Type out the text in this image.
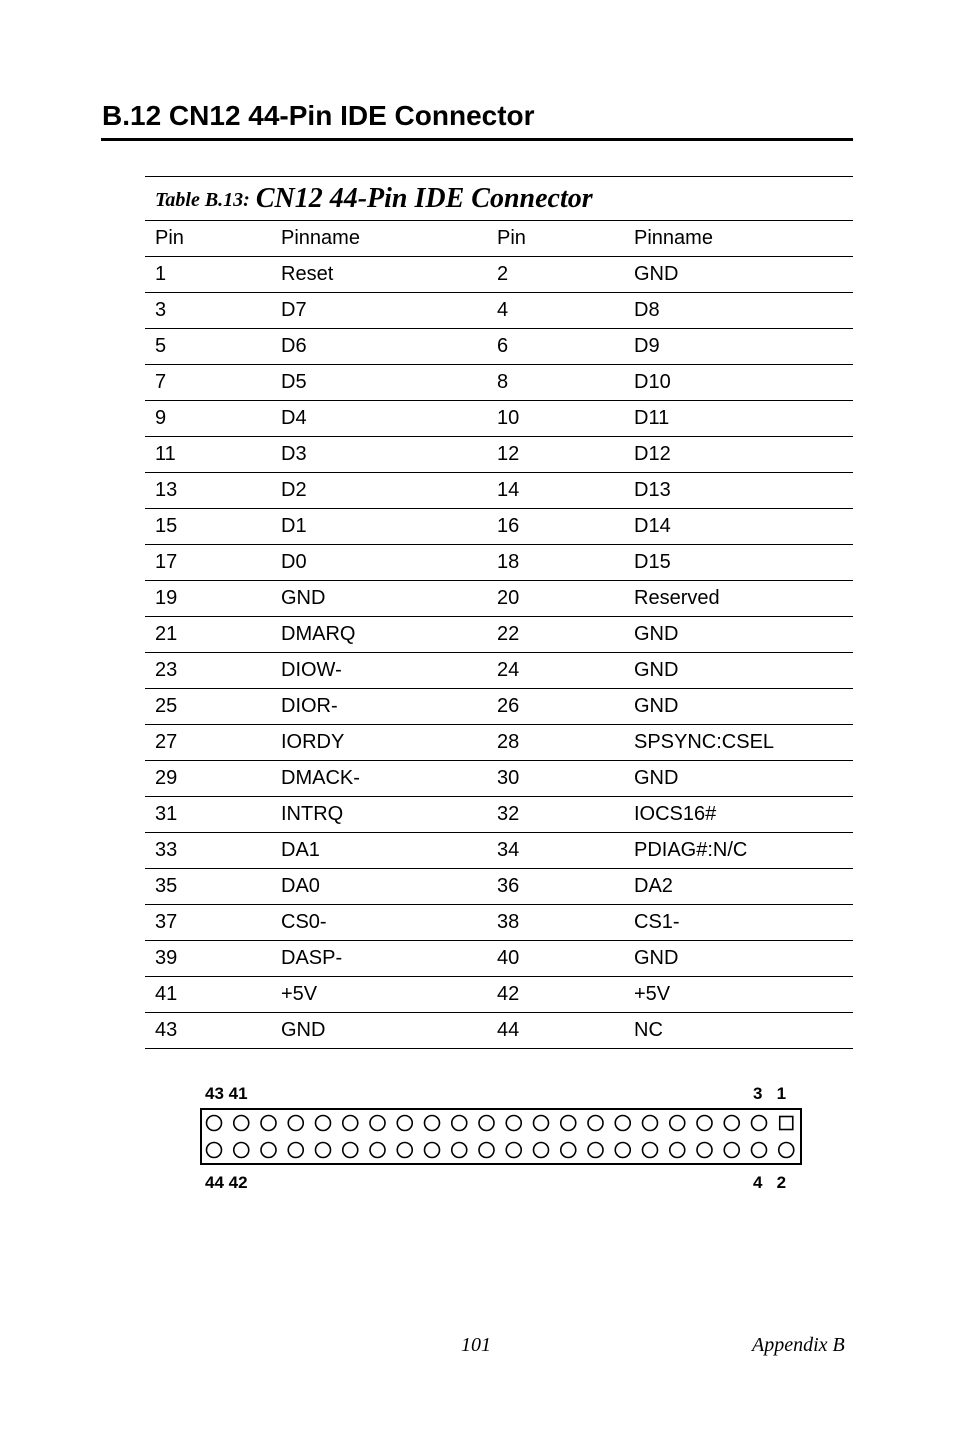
B.12 CN12 44-Pin IDE Connector
Table B.13: CN12 44-Pin IDE Connector
Pin	Pinname	Pin	Pinname
1	Reset	2	GND
3	D7	4	D8
5	D6	6	D9
7	D5	8	D10
9	D4	10	D11
11	D3	12	D12
13	D2	14	D13
15	D1	16	D14
17	D0	18	D15
19	GND	20	Reserved
21	DMARQ	22	GND
23	DIOW-	24	GND
25	DIOR-	26	GND
27	IORDY	28	SPSYNC:CSEL
29	DMACK-	30	GND
31	INTRQ	32	IOCS16#
33	DA1	34	PDIAG#:N/C
35	DA0	36	DA2
37	CS0-	38	CS1-
39	DASP-	40	GND
41	+5V	42	+5V
43	GND	44	NC
43 41	3   1
44 42	4   2
101	Appendix B
